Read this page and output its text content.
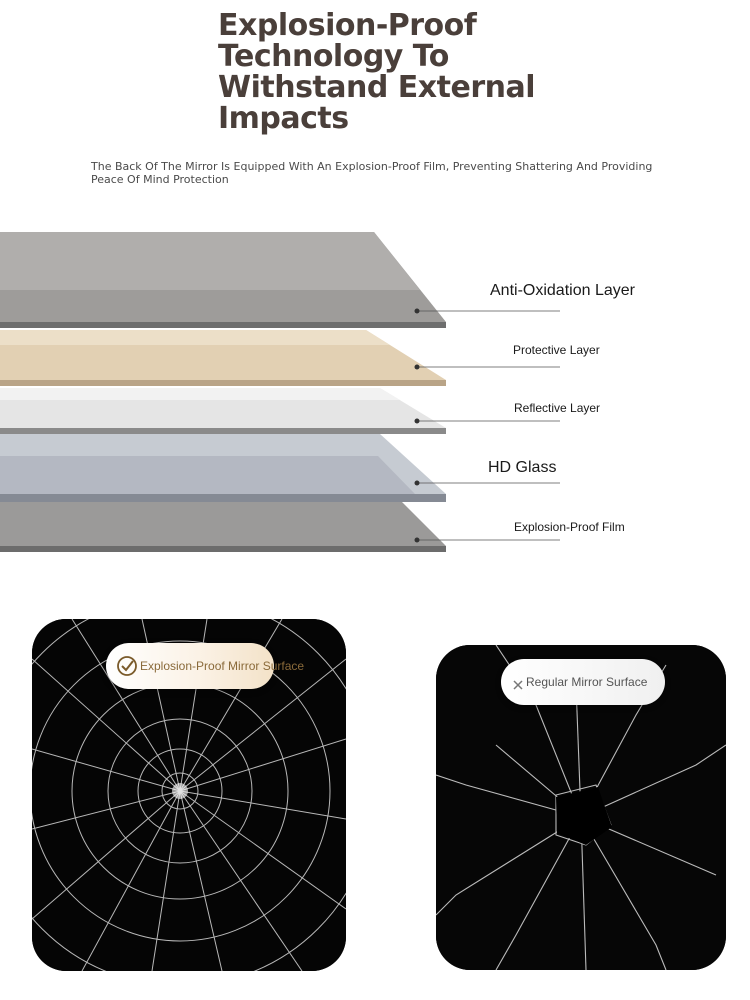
Explosion-Proof Technology To Withstand External Impacts

The Back Of The Mirror Is Equipped With An Explosion-Proof Film, Preventing Shattering And Providing Peace Of Mind Protection

Anti-Oxidation Layer
Protective Layer
Reflective Layer
HD Glass
Explosion-Proof Film
Explosion-Proof Mirror Surface
Regular Mirror Surface
